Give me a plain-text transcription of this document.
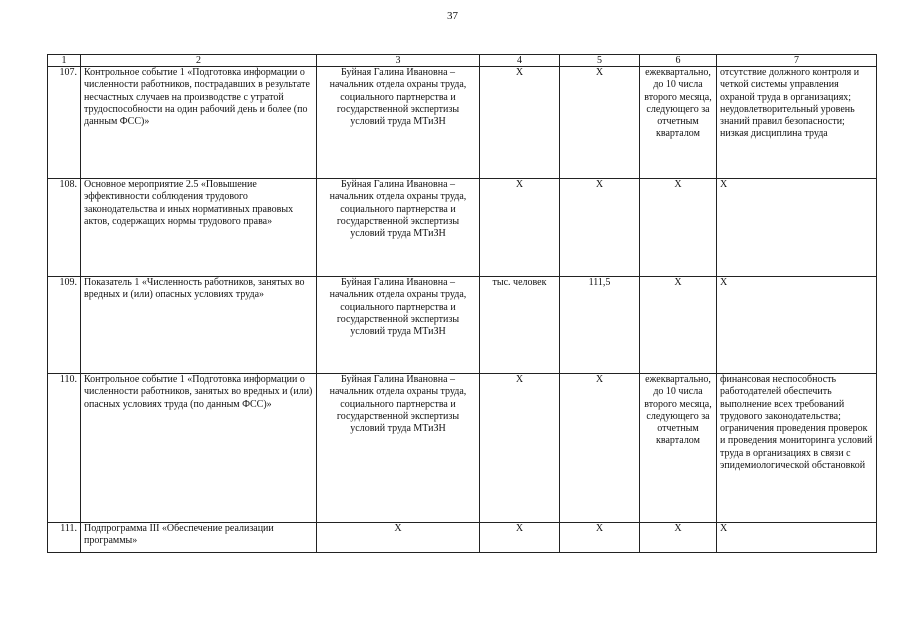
37
1	2	3	4	5	6	7
107.	Контрольное событие 1 «Подготовка информации о численности работников, пострадавших в результате несчастных случаев на производстве с утратой трудоспособности на один рабочий день и более (по данным ФСС)»	Буйная Галина Ивановна – начальник отдела охраны труда, социального партнерства и государственной экспертизы условий труда МТиЗН	Х	Х	ежеквартально, до 10 числа второго месяца, следующего за отчетным кварталом	отсутствие должного контроля и четкой системы управления охраной труда в организациях; неудовлетворительный уровень знаний правил безопасности; низкая дисциплина труда
108.	Основное мероприятие 2.5 «Повышение эффективности соблюдения трудового законодательства и иных нормативных правовых актов, содержащих нормы трудового права»	Буйная Галина Ивановна – начальник отдела охраны труда, социального партнерства и государственной экспертизы условий труда МТиЗН	Х	Х	Х	Х
109.	Показатель 1 «Численность работников, занятых во вредных и (или) опасных условиях труда»	Буйная Галина Ивановна – начальник отдела охраны труда, социального партнерства и государственной экспертизы условий труда МТиЗН	тыс. человек	111,5	Х	Х
110.	Контрольное событие 1 «Подготовка информации о численности работников, занятых во вредных и (или) опасных условиях труда (по данным ФСС)»	Буйная Галина Ивановна – начальник отдела охраны труда, социального партнерства и государственной экспертизы условий труда МТиЗН	Х	Х	ежеквартально, до 10 числа второго месяца, следующего за отчетным кварталом	финансовая неспособность работодателей обеспечить выполнение всех требований трудового законодательства; ограничения проведения проверок и проведения мониторинга условий труда в организациях в связи с эпидемиологической обстановкой
111.	Подпрограмма III «Обеспечение реализации программы»	Х	Х	Х	Х	Х
